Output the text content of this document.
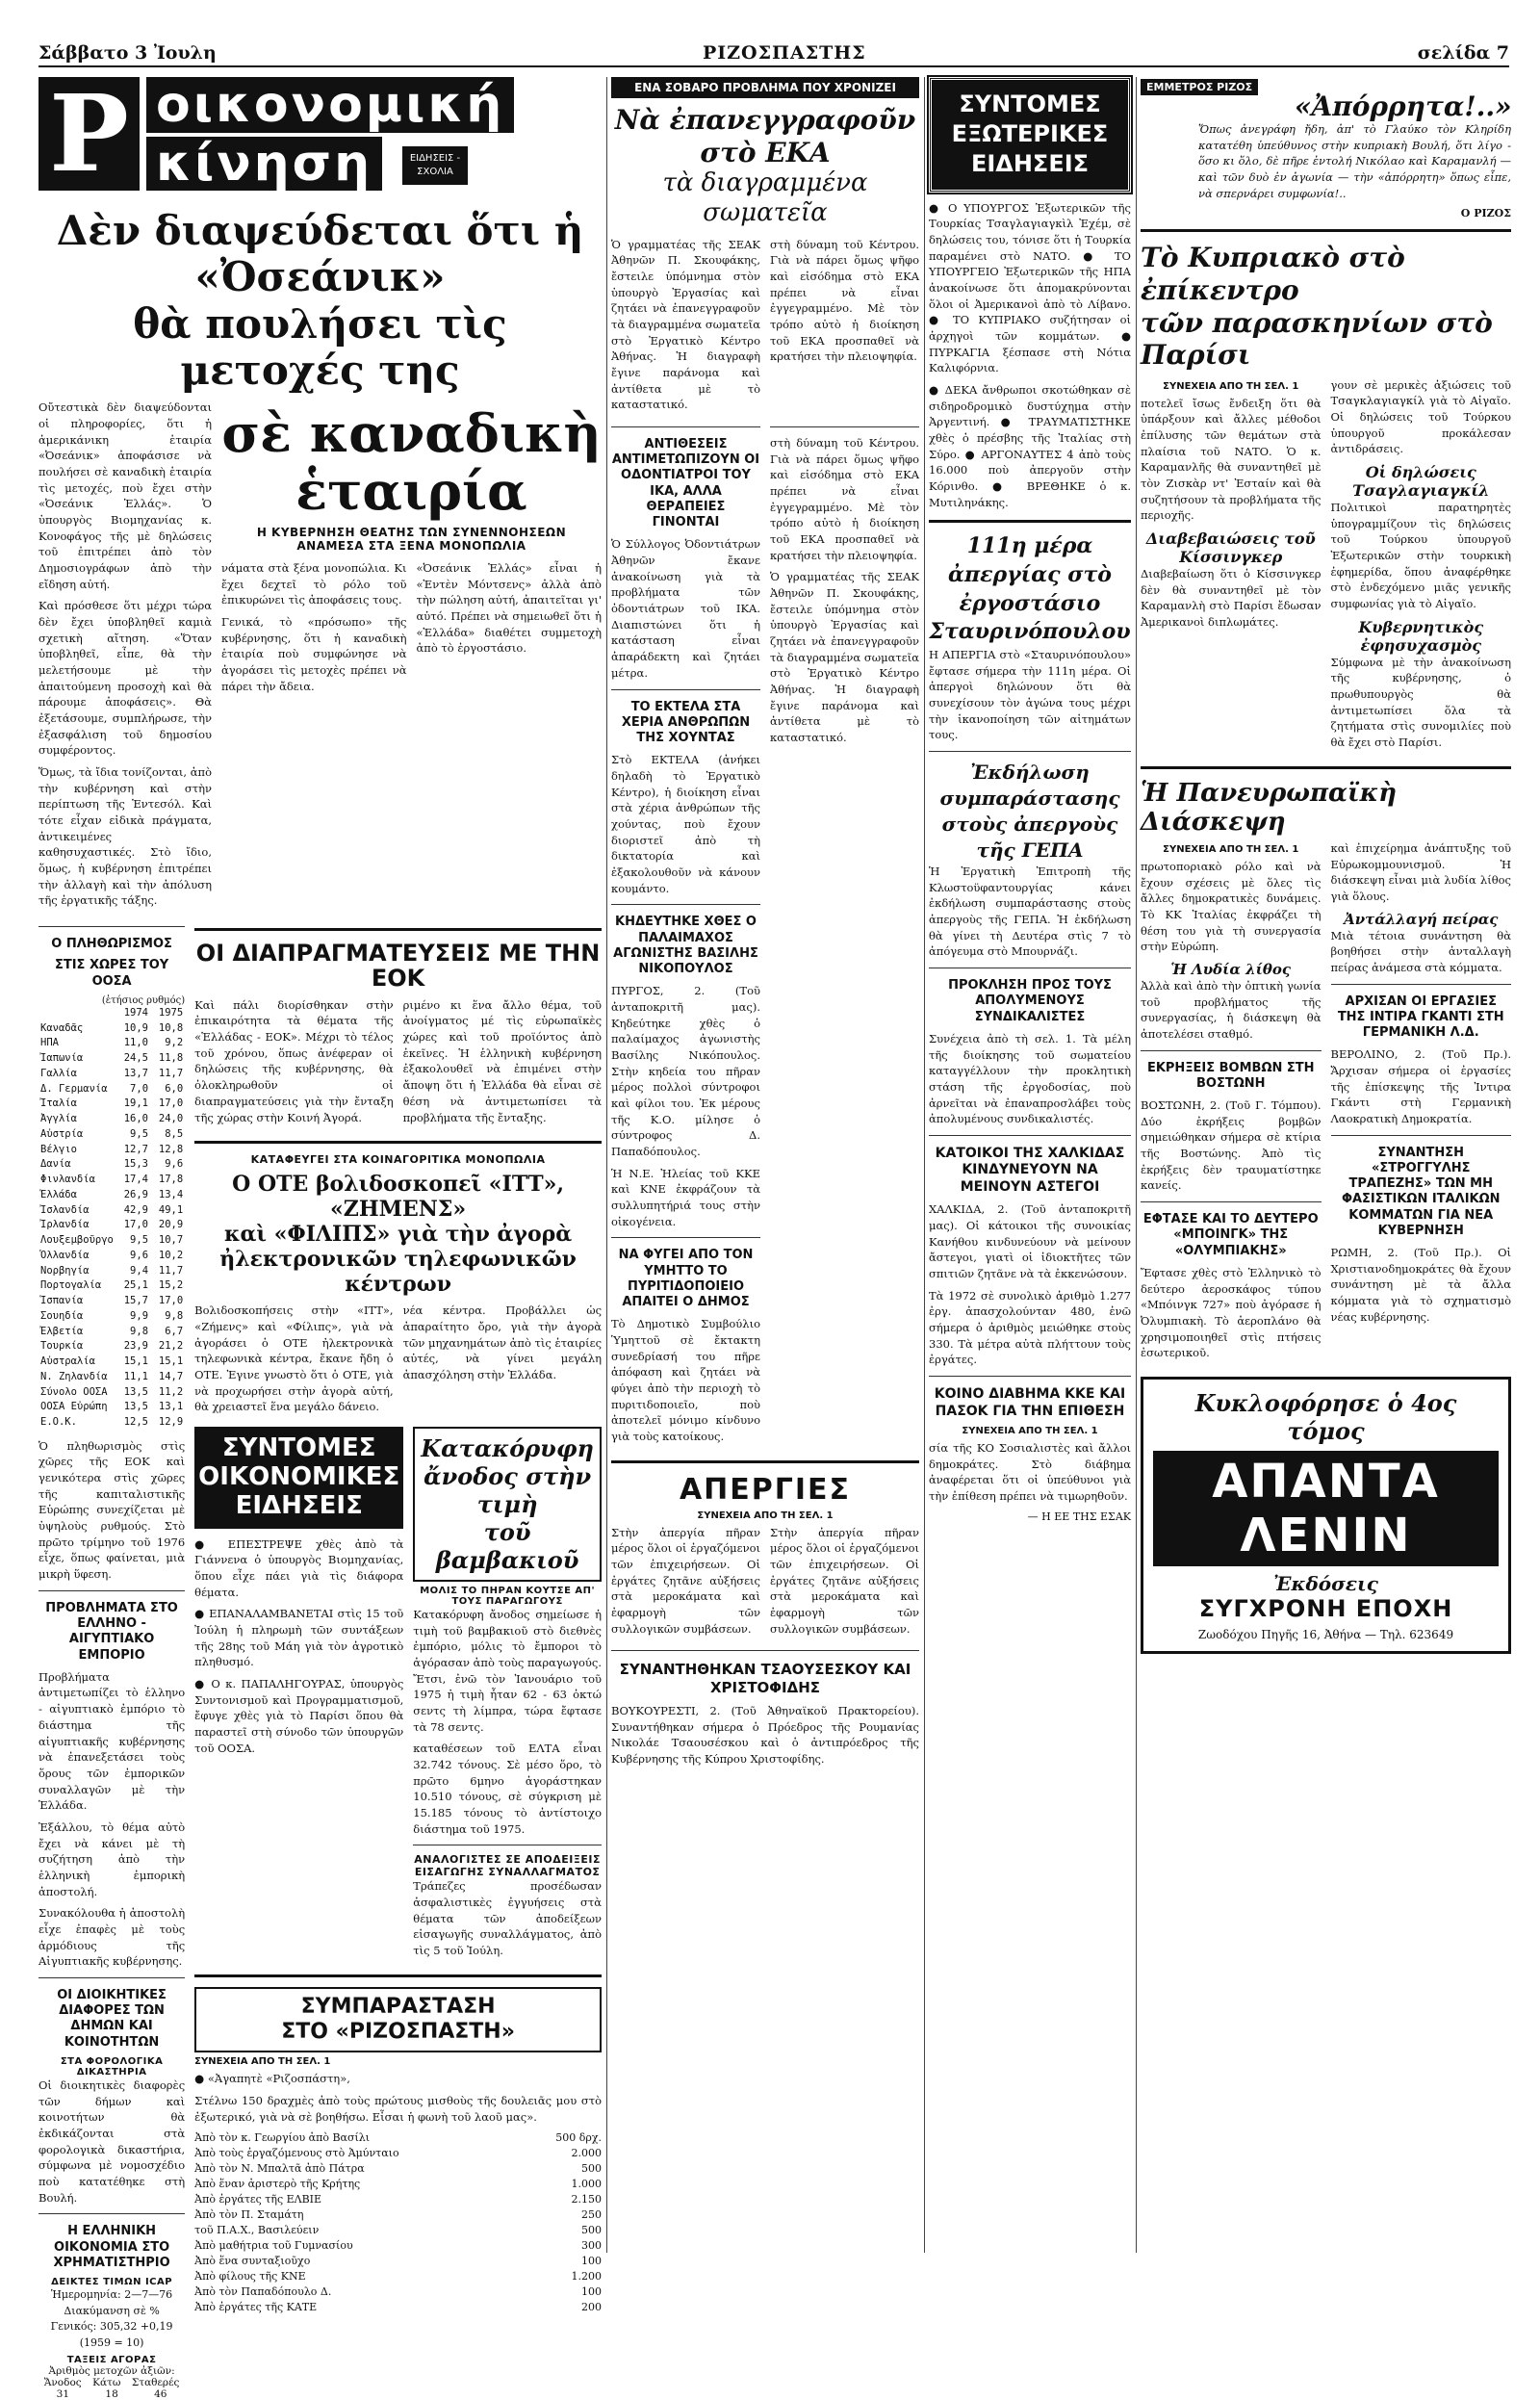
Σάββατο 3 Ἰουλη	ΡΙΖΟΣΠΑΣΤΗΣ	σελίδα 7
P οικονομική
κίνηση	ΕΙΔΗΣΕΙΣ - ΣΧΟΛΙΑ
Δὲν διαψεύδεται ὅτι ἡ «Ὀσεάνικ»
θὰ πουλήσει τὶς μετοχές της

Οὔτεστικὰ δὲν διαψεύδονται οἱ πληροφορίες, ὅτι ἡ ἀμερικάνικη ἑταιρία «Ὀσεάνικ» ἀποφάσισε νὰ πουλήσει σὲ καναδικὴ ἑταιρία τὶς μετοχές, ποὺ ἔχει στὴν «Ὀσεάνικ Ἑλλάς». Ὁ ὑπουργὸς Βιομηχανίας κ. Κονοφάγος τῆς μὲ δηλώσεις τοῦ ἐπιτρέπει ἀπὸ τὸν Δημοσιογράφων ἀπὸ τὴν εἴδηση αὐτή.

Καὶ πρόσθεσε ὅτι μέχρι τώρα δὲν ἔχει ὑποβληθεῖ καμιὰ σχετικὴ αἴτηση. «Ὅταν ὑποβληθεῖ, εἶπε, θὰ τὴν μελετήσουμε μὲ τὴν ἀπαιτούμενη προσοχὴ καὶ θὰ πάρουμε ἀποφάσεις». Θὰ ἐξετάσουμε, συμπλήρωσε, τὴν ἐξασφάλιση τοῦ δημοσίου συμφέροντος.

Ὅμως, τὰ ἴδια τονίζονται, ἀπὸ τὴν κυβέρνηση καὶ στὴν περίπτωση τῆς Ἑντεσόλ. Καὶ τότε εἶχαν εἰδικὰ πράγματα, ἀντικειμένες καθησυχαστικές. Στὸ ἴδιο, ὅμως, ἡ κυβέρνηση ἐπιτρέπει τὴν ἀλλαγὴ καὶ τὴν ἀπόλυση τῆς ἐργατικῆς τάξης.

σὲ καναδικὴ ἑταιρία
Η ΚΥΒΕΡΝΗΣΗ ΘΕΑΤΗΣ ΤΩΝ ΣΥΝΕΝΝΟΗΣΕΩΝ
ΑΝΑΜΕΣΑ ΣΤΑ ΞΕΝΑ ΜΟΝΟΠΩΛΙΑ

νάματα στὰ ξένα μονοπώλια. Κι ἔχει δεχτεῖ τὸ ρόλο τοῦ ἐπικυρώνει τὶς ἀποφάσεις τους.

Γενικά, τὸ «πρόσωπο» τῆς κυβέρνησης, ὅτι ἡ καναδικὴ ἑταιρία ποὺ συμφώνησε νὰ ἀγοράσει τὶς μετοχὲς πρέπει νὰ πάρει τὴν ἄδεια.

«Ὀσεάνικ Ἑλλάς» εἶναι ἡ «Ἑντὲν Μόντσενς» ἀλλὰ ἀπὸ τὴν πώληση αὐτή, ἀπαιτεῖται γι' αὐτό. Πρέπει νὰ σημειωθεῖ ὅτι ἡ «Ἑλλάδα» διαθέτει συμμετοχὴ ἀπὸ τὸ ἐργοστάσιο.

Ο ΠΛΗΘΩΡΙΣΜΟΣ
ΣΤΙΣ ΧΩΡΕΣ ΤΟΥ ΟΟΣΑ
(ἐτήσιος ρυθμός)
	1974	1975
Καναδᾶς	10,9	10,8
ΗΠΑ	11,0	9,2
Ἰαπωνία	24,5	11,8
Γαλλία	13,7	11,7
Δ. Γερμανία	7,0	6,0
Ἰταλία	19,1	17,0
Ἀγγλία	16,0	24,0
Αὐστρία	9,5	8,5
Βέλγιο	12,7	12,8
Δανία	15,3	9,6
Φινλανδία	17,4	17,8
Ἑλλάδα	26,9	13,4
Ἰσλανδία	42,9	49,1
Ἰρλανδία	17,0	20,9
Λουξεμβοῦργο	9,5	10,7
Ὁλλανδία	9,6	10,2
Νορβηγία	9,4	11,7
Πορτογαλία	25,1	15,2
Ἱσπανία	15,7	17,0
Σουηδία	9,9	9,8
Ἐλβετία	9,8	6,7
Τουρκία	23,9	21,2
Αὐστραλία	15,1	15,1
Ν. Ζηλανδία	11,1	14,7
Σύνολο ΟΟΣΑ	13,5	11,2
ΟΟΣΑ Εὐρώπη	13,5	13,1
Ε.Ο.Κ.	12,5	12,9

Ὁ πληθωρισμὸς στὶς χῶρες τῆς ΕΟΚ καὶ γενικότερα στὶς χῶρες τῆς καπιταλιστικῆς Εὐρώπης συνεχίζεται μὲ ὑψηλοὺς ρυθμούς. Στὸ πρῶτο τρίμηνο τοῦ 1976 εἶχε, ὅπως φαίνεται, μιὰ μικρὴ ὕφεση.

ΠΡΟΒΛΗΜΑΤΑ ΣΤΟ ΕΛΛΗΝΟ - ΑΙΓΥΠΤΙΑΚΟ ΕΜΠΟΡΙΟ

Προβλήματα ἀντιμετωπίζει τὸ ἑλληνο - αἰγυπτιακὸ ἐμπόριο τὸ διάστημα τῆς αἰγυπτιακῆς κυβέρνησης νὰ ἐπανεξετάσει τοὺς ὅρους τῶν ἐμπορικῶν συναλλαγῶν μὲ τὴν Ἑλλάδα.

Ἐξάλλου, τὸ θέμα αὐτὸ ἔχει νὰ κάνει μὲ τὴ συζήτηση ἀπὸ τὴν ἑλληνικὴ ἐμπορικὴ ἀποστολή.

Συνακόλουθα ἡ ἀποστολὴ εἶχε ἐπαφὲς μὲ τοὺς ἁρμόδιους τῆς Αἰγυπτιακῆς κυβέρνησης.

ΟΙ ΔΙΟΙΚΗΤΙΚΕΣ ΔΙΑΦΟΡΕΣ ΤΩΝ ΔΗΜΩΝ ΚΑΙ ΚΟΙΝΟΤΗΤΩΝ
ΣΤΑ ΦΟΡΟΛΟΓΙΚΑ ΔΙΚΑΣΤΗΡΙΑ

Οἱ διοικητικὲς διαφορὲς τῶν δήμων καὶ κοινοτήτων θὰ ἐκδικάζονται στὰ φορολογικὰ δικαστήρια, σύμφωνα μὲ νομοσχέδιο ποὺ κατατέθηκε στὴ Βουλή.

Η ΕΛΛΗΝΙΚΗ ΟΙΚΟΝΟΜΙΑ ΣΤΟ ΧΡΗΜΑΤΙΣΤΗΡΙΟ
ΔΕΙΚΤΕΣ ΤΙΜΩΝ ICAP
Ἡμερομηνία: 2—7—76
Διακύμανση σὲ %
Γενικός: 305,32 +0,19
(1959 = 10)
ΤΑΞΕΙΣ ΑΓΟΡΑΣ
Ἀριθμὸς μετοχῶν ἀξιῶν:
Ἄνοδος Κάτω Σταθερές
31	18	46
ΟΙ ΔΙΑΠΡΑΓΜΑΤΕΥΣΕΙΣ ΜΕ ΤΗΝ ΕΟΚ

Καὶ πάλι διορίσθηκαν στὴν ἐπικαιρότητα τὰ θέματα τῆς «Ἑλλάδας - ΕΟΚ». Μέχρι τὸ τέλος τοῦ χρόνου, ὅπως ἀνέφεραν οἱ δηλώσεις τῆς κυβέρνησης, θὰ ὁλοκληρωθοῦν οἱ διαπραγματεύσεις γιὰ τὴν ἔνταξη τῆς χώρας στὴν Κοινή Ἀγορά.

ριμένο κι ἕνα ἄλλο θέμα, τοῦ ἀνοίγματος μέ τὶς εὐρωπαϊκὲς χώρες καὶ τοῦ προϊόντος ἀπὸ ἐκεῖνες. Ἡ ἑλληνικὴ κυβέρνηση ἐξακολουθεῖ νὰ ἐπιμένει στὴν ἄποψη ὅτι ἡ Ἑλλάδα θὰ εἶναι σὲ θέση νὰ ἀντιμετωπίσει τὰ προβλήματα τῆς ἔνταξης.

ΚΑΤΑΦΕΥΓΕΙ ΣΤΑ ΚΟΙΝΑΓΟΡΙΤΙΚΑ ΜΟΝΟΠΩΛΙΑ
Ο ΟΤΕ βολιδοσκοπεῖ «ΙΤΤ», «ΖΗΜΕΝΣ»
καὶ «ΦΙΛΙΠΣ» γιὰ τὴν ἀγορὰ
ἠλεκτρονικῶν τηλεφωνικῶν κέντρων

Βολιδοσκοπήσεις στὴν «ΙΤΤ», «Ζήμενς» καὶ «Φίλιπς», γιὰ νὰ ἀγοράσει ὁ ΟΤΕ ἠλεκτρονικὰ τηλεφωνικὰ κέντρα, ἔκανε ἤδη ὁ ΟΤΕ. Ἐγινε γνωστὸ ὅτι ὁ ΟΤΕ, γιὰ νὰ προχωρήσει στὴν ἀγορὰ αὐτή, θὰ χρειαστεῖ ἕνα μεγάλο δάνειο.

νέα κέντρα. Προβάλλει ὡς ἀπαραίτητο ὄρο, γιὰ τὴν ἀγορὰ τῶν μηχανημάτων ἀπὸ τὶς ἑταιρίες αὐτές, νὰ γίνει μεγάλη ἀπασχόληση στὴν Ἑλλάδα.

ΣΥΝΤΟΜΕΣ
ΟΙΚΟΝΟΜΙΚΕΣ
ΕΙΔΗΣΕΙΣ

● ΕΠΕΣΤΡΕΨΕ χθὲς ἀπὸ τὰ Γιάννενα ὁ ὑπουργὸς Βιομηχανίας, ὅπου εἶχε πάει γιὰ τὶς διάφορα θέματα.

● ΕΠΑΝΑΛΑΜΒΑΝΕΤΑΙ στὶς 15 τοῦ Ἰούλη ἡ πληρωμὴ τῶν συντάξεων τῆς 28ης τοῦ Μάη γιὰ τὸν ἀγροτικὸ πληθυσμό.

● Ο κ. ΠΑΠΑΛΗΓΟΥΡΑΣ, ὑπουργὸς Συντονισμοῦ καὶ Προγραμματισμοῦ, ἔφυγε χθὲς γιὰ τὸ Παρίσι ὅπου θὰ παραστεῖ στὴ σύνοδο τῶν ὑπουργῶν τοῦ ΟΟΣΑ.

Κατακόρυφη
ἄνοδος στὴν τιμὴ
τοῦ βαμβακιοῦ
ΜΟΛΙΣ ΤΟ ΠΗΡΑΝ ΚΟΥΤΣΕ ΑΠ' ΤΟΥΣ ΠΑΡΑΓΩΓΟΥΣ

Κατακόρυφη ἄνοδος σημείωσε ἡ τιμὴ τοῦ βαμβακιοῦ στὸ διεθνὲς ἐμπόριο, μόλις τὸ ἔμποροι τὸ ἀγόρασαν ἀπὸ τοὺς παραγωγούς. Ἔτσι, ἐνῶ τὸν Ἰανουάριο τοῦ 1975 ἡ τιμὴ ἦταν 62 - 63 ὀκτώ σεντς τὴ λίμπρα, τώρα ἔφτασε τὰ 78 σεντς.

καταθέσεων τοῦ ΕΛΤΑ εἶναι 32.742 τόνους. Σὲ μέσο ὅρο, τὸ πρῶτο 6μηνο ἀγοράστηκαν 10.510 τόνους, σὲ σύγκριση μὲ 15.185 τόνους τὸ ἀντίστοιχο διάστημα τοῦ 1975.

ΑΝΑΛΟΓΙΣΤΕΣ ΣΕ ΑΠΟΔΕΙΞΕΙΣ ΕΙΣΑΓΩΓΗΣ ΣΥΝΑΛΛΑΓΜΑΤΟΣ

Τράπεζες προσέδωσαν ἀσφαλιστικὲς ἐγγυήσεις στὰ θέματα τῶν ἀποδείξεων εἰσαγωγῆς συναλλάγματος, ἀπὸ τὶς 5 τοῦ Ἰούλη.

ΣΥΜΠΑΡΑΣΤΑΣΗ
ΣΤΟ «ΡΙΖΟΣΠΑΣΤΗ»
ΣΥΝΕΧΕΙΑ ΑΠΟ ΤΗ ΣΕΛ. 1

● «Ἀγαπητὲ «Ριζοσπάστη»,

Στέλνω 150 δραχμὲς ἀπὸ τοὺς πρώτους μισθοὺς τῆς δουλειᾶς μου στὸ ἐξωτερικό, γιὰ νὰ σὲ βοηθήσω. Εἶσαι ἡ φωνὴ τοῦ λαοῦ μας».

Ἀπὸ τὸν κ. Γεωργίου ἀπὸ Βασίλι	500 δρχ.
Ἀπὸ τοὺς ἐργαζόμενους στὸ Ἀμύνταιο	2.000
Ἀπὸ τὸν Ν. Μπαλτᾶ ἀπὸ Πάτρα	500
Ἀπὸ ἕναν ἀριστερὸ τῆς Κρήτης	1.000
Ἀπὸ ἐργάτες τῆς ΕΛΒΙΕ	2.150
Ἀπὸ τὸν Π. Σταμάτη	250
τοῦ Π.Α.Χ., Βασιλεύειν	500
Ἀπὸ μαθήτρια τοῦ Γυμνασίου	300
Ἀπὸ ἕνα συνταξιοῦχο	100
Ἀπὸ φίλους τῆς ΚΝΕ	1.200
Ἀπὸ τὸν Παπαδόπουλο Δ.	100
Ἀπὸ ἐργάτες τῆς ΚΑΤΕ	200
ΕΝΑ ΣΟΒΑΡΟ ΠΡΟΒΛΗΜΑ ΠΟΥ ΧΡΟΝΙΖΕΙ
Νὰ ἐπανεγγραφοῦν στὸ ΕΚΑ
τὰ διαγραμμένα σωματεῖα

Ὁ γραμματέας τῆς ΣΕΑΚ Ἀθηνῶν Π. Σκουφάκης, ἔστειλε ὑπόμνημα στὸν ὑπουργὸ Ἐργασίας καὶ ζητάει νὰ ἐπανεγγραφοῦν τὰ διαγραμμένα σωματεῖα στὸ Ἐργατικὸ Κέντρο Ἀθήνας. Ἡ διαγραφὴ ἔγινε παράνομα καὶ ἀντίθετα μὲ τὸ καταστατικό.

στὴ δύναμη τοῦ Κέντρου. Γιὰ νὰ πάρει ὅμως ψῆφο καὶ εἰσόδημα στὸ ΕΚΑ πρέπει νὰ εἶναι ἐγγεγραμμένο. Μὲ τὸν τρόπο αὐτὸ ἡ διοίκηση τοῦ ΕΚΑ προσπαθεῖ νὰ κρατήσει τὴν πλειοψηφία.

ΑΝΤΙΘΕΣΕΙΣ ΑΝΤΙΜΕΤΩΠΙΖΟΥΝ ΟΙ ΟΔΟΝΤΙΑΤΡΟΙ ΤΟΥ ΙΚΑ, ΑΛΛΑ ΘΕΡΑΠΕΙΕΣ ΓΙΝΟΝΤΑΙ

Ὁ Σύλλογος Ὀδοντιάτρων Ἀθηνῶν ἔκανε ἀνακοίνωση γιὰ τὰ προβλήματα τῶν ὀδοντιάτρων τοῦ ΙΚΑ. Διαπιστώνει ὅτι ἡ κατάσταση εἶναι ἀπαράδεκτη καὶ ζητάει μέτρα.

ΤΟ ΕΚΤΕΛΑ ΣΤΑ ΧΕΡΙΑ ΑΝΘΡΩΠΩΝ ΤΗΣ ΧΟΥΝΤΑΣ

Στὸ ΕΚΤΕΛΑ (ἀνήκει δηλαδὴ τὸ Ἐργατικὸ Κέντρο), ἡ διοίκηση εἶναι στὰ χέρια ἀνθρώπων τῆς χούντας, ποὺ ἔχουν διοριστεῖ ἀπὸ τὴ δικτατορία καὶ ἐξακολουθοῦν νὰ κάνουν κουμάντο.

ΚΗΔΕΥΤΗΚΕ ΧΘΕΣ Ο ΠΑΛΑΙΜΑΧΟΣ ΑΓΩΝΙΣΤΗΣ ΒΑΣΙΛΗΣ ΝΙΚΟΠΟΥΛΟΣ

ΠΥΡΓΟΣ, 2. (Τοῦ ἀνταποκριτῆ μας). Κηδεύτηκε χθὲς ὁ παλαίμαχος ἀγωνιστὴς Βασίλης Νικόπουλος. Στὴν κηδεία του πῆραν μέρος πολλοὶ σύντροφοι καὶ φίλοι του. Ἐκ μέρους τῆς Κ.Ο. μίλησε ὁ σύντροφος Δ. Παπαδόπουλος.

Ἡ Ν.Ε. Ἠλείας τοῦ ΚΚΕ καὶ ΚΝΕ ἐκφράζουν τὰ συλλυπητήριά τους στὴν οἰκογένεια.

ΝΑ ΦΥΓΕΙ ΑΠΟ ΤΟΝ ΥΜΗΤΤΟ ΤΟ ΠΥΡΙΤΙΔΟΠΟΙΕΙΟ ΑΠΑΙΤΕΙ Ο ΔΗΜΟΣ

Τὸ Δημοτικὸ Συμβούλιο Ὑμηττοῦ σὲ ἔκτακτη συνεδρίασή του πῆρε ἀπόφαση καὶ ζητάει νὰ φύγει ἀπὸ τὴν περιοχὴ τὸ πυριτιδοποιεῖο, ποὺ ἀποτελεῖ μόνιμο κίνδυνο γιὰ τοὺς κατοίκους.

στὴ δύναμη τοῦ Κέντρου. Γιὰ νὰ πάρει ὅμως ψῆφο καὶ εἰσόδημα στὸ ΕΚΑ πρέπει νὰ εἶναι ἐγγεγραμμένο. Μὲ τὸν τρόπο αὐτὸ ἡ διοίκηση τοῦ ΕΚΑ προσπαθεῖ νὰ κρατήσει τὴν πλειοψηφία.

Ὁ γραμματέας τῆς ΣΕΑΚ Ἀθηνῶν Π. Σκουφάκης, ἔστειλε ὑπόμνημα στὸν ὑπουργὸ Ἐργασίας καὶ ζητάει νὰ ἐπανεγγραφοῦν τὰ διαγραμμένα σωματεῖα στὸ Ἐργατικὸ Κέντρο Ἀθήνας. Ἡ διαγραφὴ ἔγινε παράνομα καὶ ἀντίθετα μὲ τὸ καταστατικό.

ΑΠΕΡΓΙΕΣ
ΣΥΝΕΧΕΙΑ ΑΠΟ ΤΗ ΣΕΛ. 1

Στὴν ἀπεργία πῆραν μέρος ὅλοι οἱ ἐργαζόμενοι τῶν ἐπιχειρήσεων. Οἱ ἐργάτες ζητᾶνε αὐξήσεις στὰ μεροκάματα καὶ ἐφαρμογὴ τῶν συλλογικῶν συμβάσεων.

Στὴν ἀπεργία πῆραν μέρος ὅλοι οἱ ἐργαζόμενοι τῶν ἐπιχειρήσεων. Οἱ ἐργάτες ζητᾶνε αὐξήσεις στὰ μεροκάματα καὶ ἐφαρμογὴ τῶν συλλογικῶν συμβάσεων.

ΣΥΝΑΝΤΗΘΗΚΑΝ ΤΣΑΟΥΣΕΣΚΟΥ ΚΑΙ ΧΡΙΣΤΟΦΙΔΗΣ

ΒΟΥΚΟΥΡΕΣΤΙ, 2. (Τοῦ Ἀθηναϊκοῦ Πρακτορείου). Συναντήθηκαν σήμερα ὁ Πρόεδρος τῆς Ρουμανίας Νικολάε Τσαουσέσκου καὶ ὁ ἀντιπρόεδρος τῆς Κυβέρνησης τῆς Κύπρου Χριστοφίδης.

ΣΥΝΤΟΜΕΣ ΕΞΩΤΕΡΙΚΕΣ ΕΙΔΗΣΕΙΣ

● Ο ΥΠΟΥΡΓΟΣ Ἐξωτερικῶν τῆς Τουρκίας Τσαγλαγιαγκὶλ Ἐχέμ, σὲ δηλώσεις του, τόνισε ὅτι ἡ Τουρκία παραμένει στὸ ΝΑΤΟ. ● ΤΟ ΥΠΟΥΡΓΕΙΟ Ἐξωτερικῶν τῆς ΗΠΑ ἀνακοίνωσε ὅτι ἀπομακρύνονται ὅλοι οἱ Ἀμερικανοὶ ἀπὸ τὸ Λίβανο. ● ΤΟ ΚΥΠΡΙΑΚΟ συζήτησαν οἱ ἀρχηγοὶ τῶν κομμάτων. ● ΠΥΡΚΑΓΙΑ ξέσπασε στὴ Νότια Καλιφόρνια.

● ΔΕΚΑ ἄνθρωποι σκοτώθηκαν σὲ σιδηροδρομικὸ δυστύχημα στὴν Ἀργεντινή. ● ΤΡΑΥΜΑΤΙΣΤΗΚΕ χθὲς ὁ πρέσβης τῆς Ἰταλίας στὴ Σύρο. ● ΑΡΓΟΝΑΥΤΕΣ 4 ἀπὸ τοὺς 16.000 ποὺ ἀπεργοῦν στὴν Κόρινθο. ● ΒΡΕΘΗΚΕ ὁ κ. Μυτιληνάκης.

111η μέρα ἀπεργίας στὸ ἐργοστάσιο Σταυρινόπουλου

Η ΑΠΕΡΓΙΑ στὸ «Σταυρινόπουλου» ἔφτασε σήμερα τὴν 111η μέρα. Οἱ ἀπεργοὶ δηλώνουν ὅτι θὰ συνεχίσουν τὸν ἀγώνα τους μέχρι τὴν ἱκανοποίηση τῶν αἰτημάτων τους.

Ἐκδήλωση συμπαράστασης στοὺς ἀπεργοὺς τῆς ΓΕΠΑ

Ἡ Ἐργατικὴ Ἐπιτροπὴ τῆς Κλωστοϋφαντουργίας κάνει ἐκδήλωση συμπαράστασης στοὺς ἀπεργοὺς τῆς ΓΕΠΑ. Ἡ ἐκδήλωση θὰ γίνει τὴ Δευτέρα στὶς 7 τὸ ἀπόγευμα στὸ Μπουρνάζι.

ΠΡΟΚΛΗΣΗ ΠΡΟΣ ΤΟΥΣ ΑΠΟΛΥΜΕΝΟΥΣ ΣΥΝΔΙΚΑΛΙΣΤΕΣ

Συνέχεια ἀπὸ τὴ σελ. 1. Τὰ μέλη τῆς διοίκησης τοῦ σωματείου καταγγέλλουν τὴν προκλητικὴ στάση τῆς ἐργοδοσίας, ποὺ ἀρνεῖται νὰ ἐπαναπροσλάβει τοὺς ἀπολυμένους συνδικαλιστές.

ΚΑΤΟΙΚΟΙ ΤΗΣ ΧΑΛΚΙΔΑΣ ΚΙΝΔΥΝΕΥΟΥΝ ΝΑ ΜΕΙΝΟΥΝ ΑΣΤΕΓΟΙ

ΧΑΛΚΙΔΑ, 2. (Τοῦ ἀνταποκριτῆ μας). Οἱ κάτοικοι τῆς συνοικίας Κανήθου κινδυνεύουν νὰ μείνουν ἄστεγοι, γιατὶ οἱ ἰδιοκτῆτες τῶν σπιτιῶν ζητᾶνε νὰ τὰ ἐκκενώσουν.

Τὰ 1972 σὲ συνολικὸ ἀριθμὸ 1.277 ἐργ. ἀπασχολούνταν 480, ἐνῶ σήμερα ὁ ἀριθμὸς μειώθηκε στοὺς 330. Τὰ μέτρα αὐτὰ πλήττουν τοὺς ἐργάτες.

ΚΟΙΝΟ ΔΙΑΒΗΜΑ ΚΚΕ ΚΑΙ ΠΑΣΟΚ ΓΙΑ ΤΗΝ ΕΠΙΘΕΣΗ
ΣΥΝΕΧΕΙΑ ΑΠΟ ΤΗ ΣΕΛ. 1

σία τῆς ΚΟ Σοσιαλιστὲς καὶ ἄλλοι δημοκράτες. Στὸ διάβημα ἀναφέρεται ὅτι οἱ ὑπεύθυνοι γιὰ τὴν ἐπίθεση πρέπει νὰ τιμωρηθοῦν.

— Η ΕΕ ΤΗΣ ΕΣΑΚ
ΕΜΜΕΤΡΟΣ ΡΙΖΟΣ
«Ἀπόρρητα!..»

Ὅπως ἀνεγράφη ἤδη, ἀπ' τὸ Γλαύκο τὸν Κληρίδη κατατέθη ὑπεύθυνος στὴν κυπριακὴ Βουλή, ὅτι λίγο - ὅσο κι ὅλο, δὲ πῆρε ἐντολή Νικόλαο καὶ Καραμανλή — καὶ τῶν δυὸ ἐν ἀγωνία — τὴν «ἀπόρρητη» ὅπως εἶπε, νὰ σπερνάρει συμφωνία!..

Ο ΡΙΖΟΣ
Τὸ Κυπριακὸ στὸ ἐπίκεντρο
τῶν παρασκηνίων στὸ Παρίσι
ΣΥΝΕΧΕΙΑ ΑΠΟ ΤΗ ΣΕΛ. 1

ποτελεῖ ἴσως ἔνδειξη ὅτι θὰ ὑπάρξουν καὶ ἄλλες μέθοδοι ἐπίλυσης τῶν θεμάτων στὰ πλαίσια τοῦ ΝΑΤΟ. Ὁ κ. Καραμανλῆς θὰ συναντηθεῖ μὲ τὸν Ζισκὰρ ντ' Ἐσταίν καὶ θὰ συζητήσουν τὰ προβλήματα τῆς περιοχῆς.

Διαβεβαιώσεις τοῦ Κίσσινγκερ

Διαβεβαίωση ὅτι ὁ Κίσσινγκερ δὲν θὰ συναντηθεῖ μὲ τὸν Καραμανλὴ στὸ Παρίσι ἔδωσαν Ἀμερικανοὶ διπλωμάτες.

γουν σὲ μερικὲς ἀξιώσεις τοῦ Τσαγκλαγιαγκίλ γιὰ τὸ Αἰγαῖο. Οἱ δηλώσεις τοῦ Τούρκου ὑπουργοῦ προκάλεσαν ἀντιδράσεις.

Οἱ δηλώσεις Τσαγλαγιαγκίλ

Πολιτικοὶ παρατηρητὲς ὑπογραμμίζουν τὶς δηλώσεις τοῦ Τούρκου ὑπουργοῦ Ἐξωτερικῶν στὴν τουρκικὴ ἐφημερίδα, ὅπου ἀναφέρθηκε στὸ ἐνδεχόμενο μιᾶς γενικῆς συμφωνίας γιὰ τὸ Αἰγαῖο.

Κυβερνητικὸς ἐφησυχασμὸς

Σύμφωνα μὲ τὴν ἀνακοίνωση τῆς κυβέρνησης, ὁ πρωθυπουργὸς θὰ ἀντιμετωπίσει ὅλα τὰ ζητήματα στὶς συνομιλίες ποὺ θὰ ἔχει στὸ Παρίσι.

Ἡ Πανευρωπαϊκὴ Διάσκεψη
ΣΥΝΕΧΕΙΑ ΑΠΟ ΤΗ ΣΕΛ. 1

πρωτοποριακὸ ρόλο καὶ νὰ ἔχουν σχέσεις μὲ ὅλες τὶς ἄλλες δημοκρατικὲς δυνάμεις. Τὸ ΚΚ Ἰταλίας ἐκφράζει τὴ θέση του γιὰ τὴ συνεργασία στὴν Εὐρώπη.

Ἡ Λυδία λίθος

Ἀλλὰ καὶ ἀπὸ τὴν ὀπτικὴ γωνία τοῦ προβλήματος τῆς συνεργασίας, ἡ διάσκεψη θὰ ἀποτελέσει σταθμό.

ΕΚΡΗΞΕΙΣ ΒΟΜΒΩΝ ΣΤΗ ΒΟΣΤΩΝΗ

ΒΟΣΤΩΝΗ, 2. (Τοῦ Γ. Τόμπου). Δύο ἐκρήξεις βομβῶν σημειώθηκαν σήμερα σὲ κτίρια τῆς Βοστώνης. Ἀπὸ τὶς ἐκρήξεις δὲν τραυματίστηκε κανείς.

ΕΦΤΑΣΕ ΚΑΙ ΤΟ ΔΕΥΤΕΡΟ «ΜΠΟΙΝΓΚ» ΤΗΣ «ΟΛΥΜΠΙΑΚΗΣ»

Ἔφτασε χθὲς στὸ Ἑλληνικὸ τὸ δεύτερο ἀεροσκάφος τύπου «Μπόινγκ 727» ποὺ ἀγόρασε ἡ Ὀλυμπιακὴ. Τὸ ἀεροπλάνο θὰ χρησιμοποιηθεῖ στὶς πτήσεις ἐσωτερικοῦ.

καὶ ἐπιχείρημα ἀνάπτυξης τοῦ Εὐρωκομμουνισμοῦ. Ἡ διάσκεψη εἶναι μιὰ λυδία λίθος γιὰ ὅλους.

Ἀντάλλαγή πείρας

Μιὰ τέτοια συνάντηση θὰ βοηθήσει στὴν ἀνταλλαγὴ πείρας ἀνάμεσα στὰ κόμματα.

ΑΡΧΙΣΑΝ ΟΙ ΕΡΓΑΣΙΕΣ ΤΗΣ ΙΝΤΙΡΑ ΓΚΑΝΤΙ ΣΤΗ ΓΕΡΜΑΝΙΚΗ Λ.Δ.

ΒΕΡΟΛΙΝΟ, 2. (Τοῦ Πρ.). Ἄρχισαν σήμερα οἱ ἐργασίες τῆς ἐπίσκεψης τῆς Ἰντιρα Γκάντι στὴ Γερμανικὴ Λαοκρατικὴ Δημοκρατία.

ΣΥΝΑΝΤΗΣΗ «ΣΤΡΟΓΓΥΛΗΣ ΤΡΑΠΕΖΗΣ» ΤΩΝ ΜΗ ΦΑΣΙΣΤΙΚΩΝ ΙΤΑΛΙΚΩΝ ΚΟΜΜΑΤΩΝ ΓΙΑ ΝΕΑ ΚΥΒΕΡΝΗΣΗ

ΡΩΜΗ, 2. (Τοῦ Πρ.). Οἱ Χριστιανοδημοκράτες θὰ ἔχουν συνάντηση μὲ τὰ ἄλλα κόμματα γιὰ τὸ σχηματισμὸ νέας κυβέρνησης.

Κυκλοφόρησε ὁ 4ος τόμος
ΑΠΑΝΤΑ ΛΕΝΙΝ
Ἐκδόσεις
ΣΥΓΧΡΟΝΗ ΕΠΟΧΗ
Ζωοδόχου Πηγῆς 16, Ἀθήνα — Τηλ. 623649
